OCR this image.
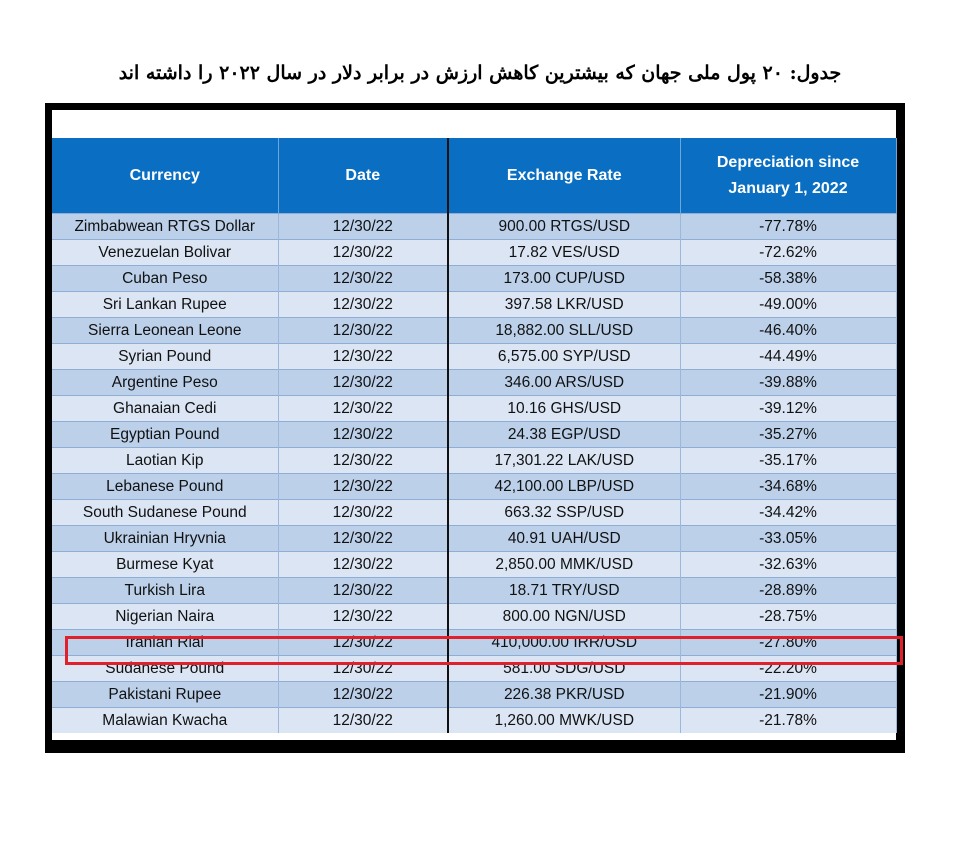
جدول: ۲۰ پول ملی جهان که بیشترین کاهش ارزش در برابر دلار در سال ۲۰۲۲ را داشته اند
Currency	Date	Exchange Rate	Depreciation since January 1, 2022
Zimbabwean RTGS Dollar	12/30/22	900.00 RTGS/USD	-77.78%
Venezuelan Bolivar	12/30/22	17.82 VES/USD	-72.62%
Cuban Peso	12/30/22	173.00 CUP/USD	-58.38%
Sri Lankan Rupee	12/30/22	397.58 LKR/USD	-49.00%
Sierra Leonean Leone	12/30/22	18,882.00 SLL/USD	-46.40%
Syrian Pound	12/30/22	6,575.00 SYP/USD	-44.49%
Argentine Peso	12/30/22	346.00 ARS/USD	-39.88%
Ghanaian Cedi	12/30/22	10.16 GHS/USD	-39.12%
Egyptian Pound	12/30/22	24.38 EGP/USD	-35.27%
Laotian Kip	12/30/22	17,301.22 LAK/USD	-35.17%
Lebanese Pound	12/30/22	42,100.00 LBP/USD	-34.68%
South Sudanese Pound	12/30/22	663.32 SSP/USD	-34.42%
Ukrainian Hryvnia	12/30/22	40.91 UAH/USD	-33.05%
Burmese Kyat	12/30/22	2,850.00 MMK/USD	-32.63%
Turkish Lira	12/30/22	18.71 TRY/USD	-28.89%
Nigerian Naira	12/30/22	800.00 NGN/USD	-28.75%
Iranian Rial	12/30/22	410,000.00 IRR/USD	-27.80%
Sudanese Pound	12/30/22	581.00 SDG/USD	-22.20%
Pakistani Rupee	12/30/22	226.38 PKR/USD	-21.90%
Malawian Kwacha	12/30/22	1,260.00 MWK/USD	-21.78%
